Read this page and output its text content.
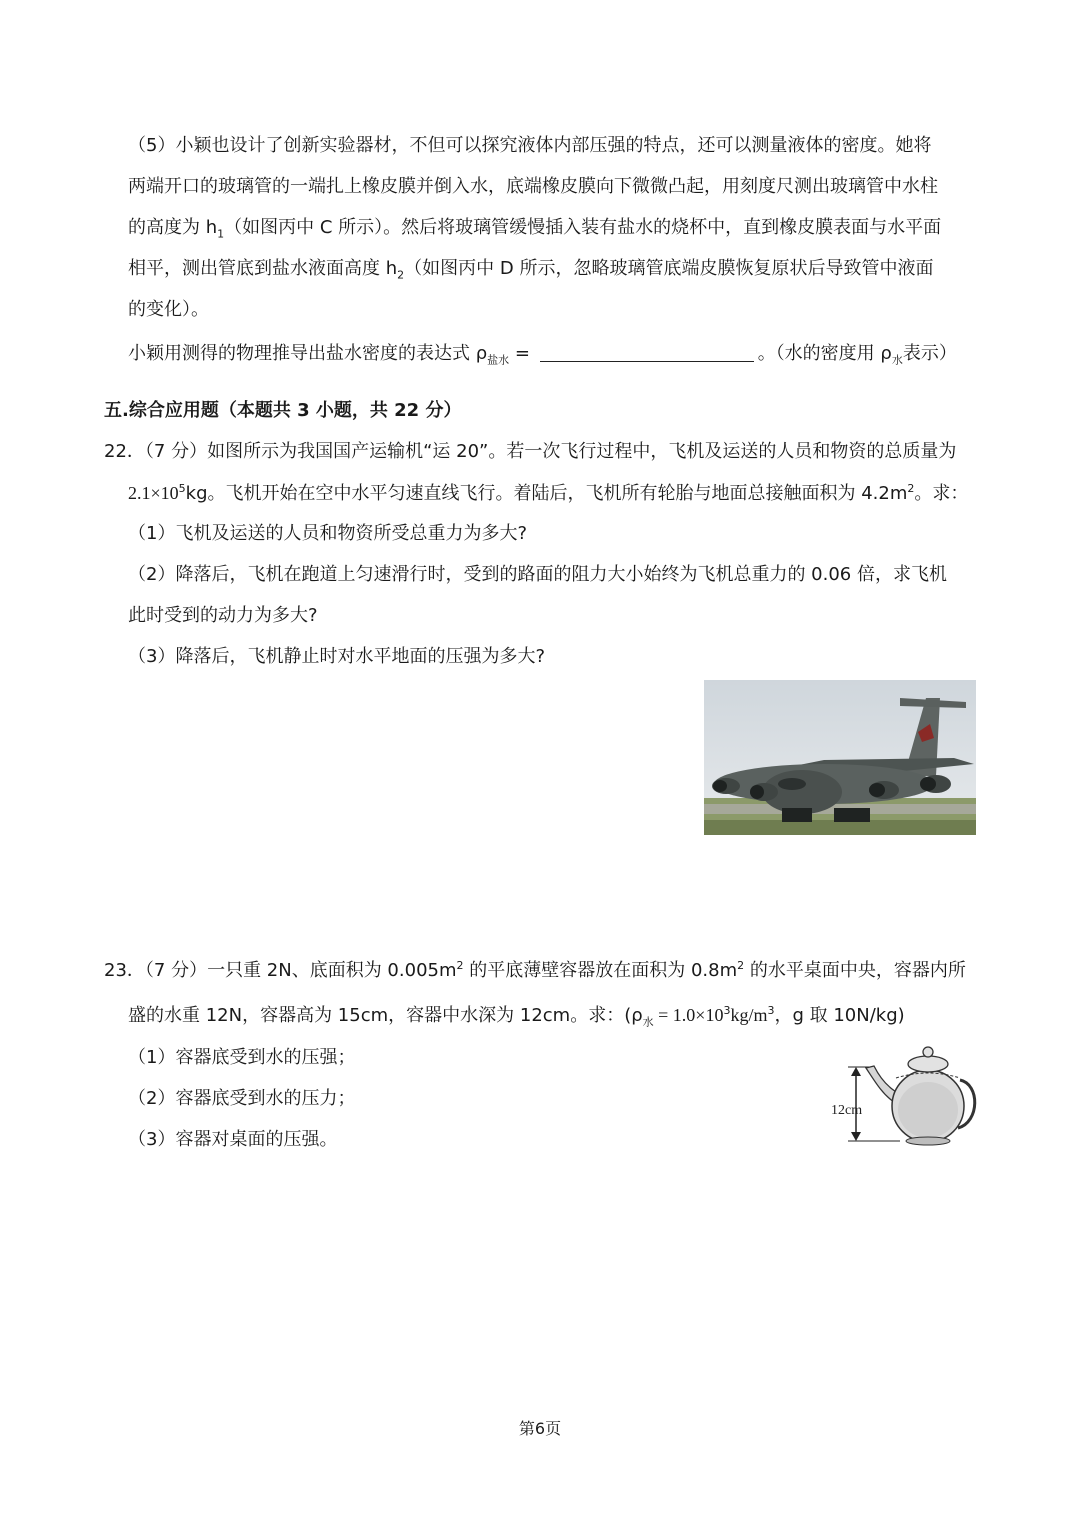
（5）小颖也设计了创新实验器材，不但可以探究液体内部压强的特点，还可以测量液体的密度。她将
两端开口的玻璃管的一端扎上橡皮膜并倒入水，底端橡皮膜向下微微凸起，用刻度尺测出玻璃管中水柱
的高度为 $h_1$（如图丙中 C 所示）。然后将玻璃管缓慢插入装有盐水的烧杯中，直到橡皮膜表面与水平面
相平，测出管底到盐水液面高度 $h_2$（如图丙中 D 所示，忽略玻璃管底端皮膜恢复原状后导致管中液面
的变化）。
小颖用测得的物理推导出盐水密度的表达式 $\rho_{盐水}$ =	。（水的密度用 $\rho_水$表示）
五.综合应用题（本题共 3 小题，共 22 分）
22．（7 分）如图所示为我国国产运输机“运 20”。若一次飞行过程中，飞机及运送的人员和物资的总质量为
$2.1\times 10^5kg$。飞机开始在空中水平匀速直线飞行。着陆后，飞机所有轮胎与地面总接触面积为 $4.2m^2$。求：
（1）飞机及运送的人员和物资所受总重力为多大?
（2）降落后，飞机在跑道上匀速滑行时，受到的路面的阻力大小始终为飞机总重力的 0.06 倍，求飞机
此时受到的动力为多大?
（3）降落后，飞机静止时对水平地面的压强为多大?
23．（7 分）一只重 2N、底面积为 $0.005m^2$ 的平底薄壁容器放在面积为 $0.8m^2$ 的水平桌面中央，容器内所
盛的水重 12N，容器高为 15cm，容器中水深为 12cm。求：($\rho_水 = 1.0\times 10^3kg/m^3$，g 取 10N/kg)
（1）容器底受到水的压强；
（2）容器底受到水的压力；
（3）容器对桌面的压强。
12cm
第6页
